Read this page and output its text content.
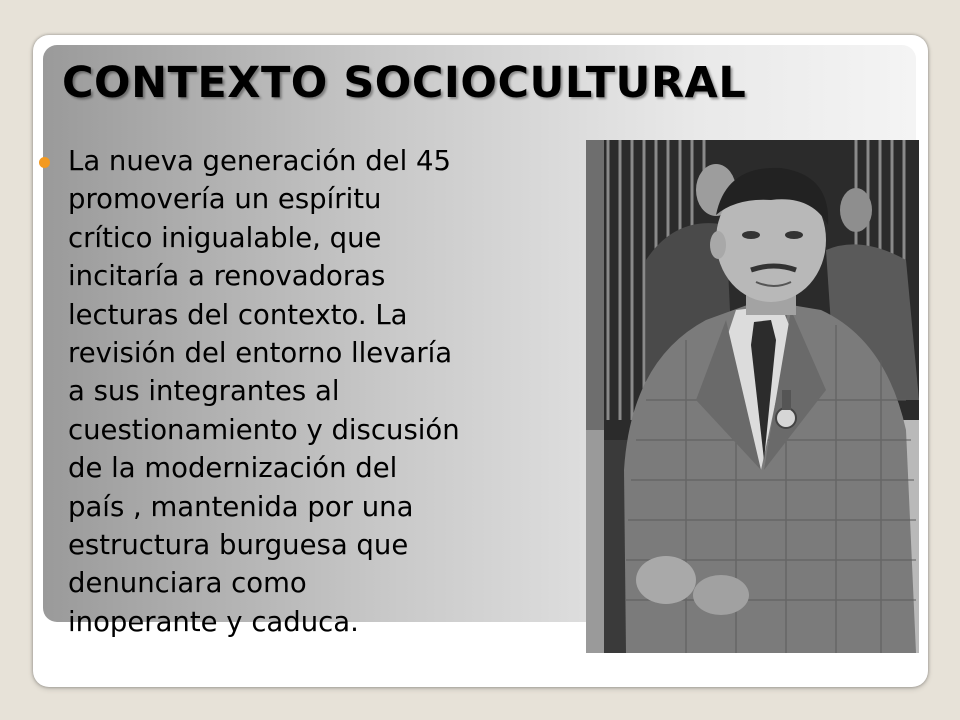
CONTEXTO SOCIOCULTURAL

La nueva generación del 45
promovería un espíritu
crítico inigualable, que
incitaría a renovadoras
lecturas del contexto. La
revisión del entorno llevaría
a sus integrantes al
cuestionamiento y discusión
de la modernización del
país , mantenida por una
estructura burguesa que
denunciara como
inoperante y caduca.
